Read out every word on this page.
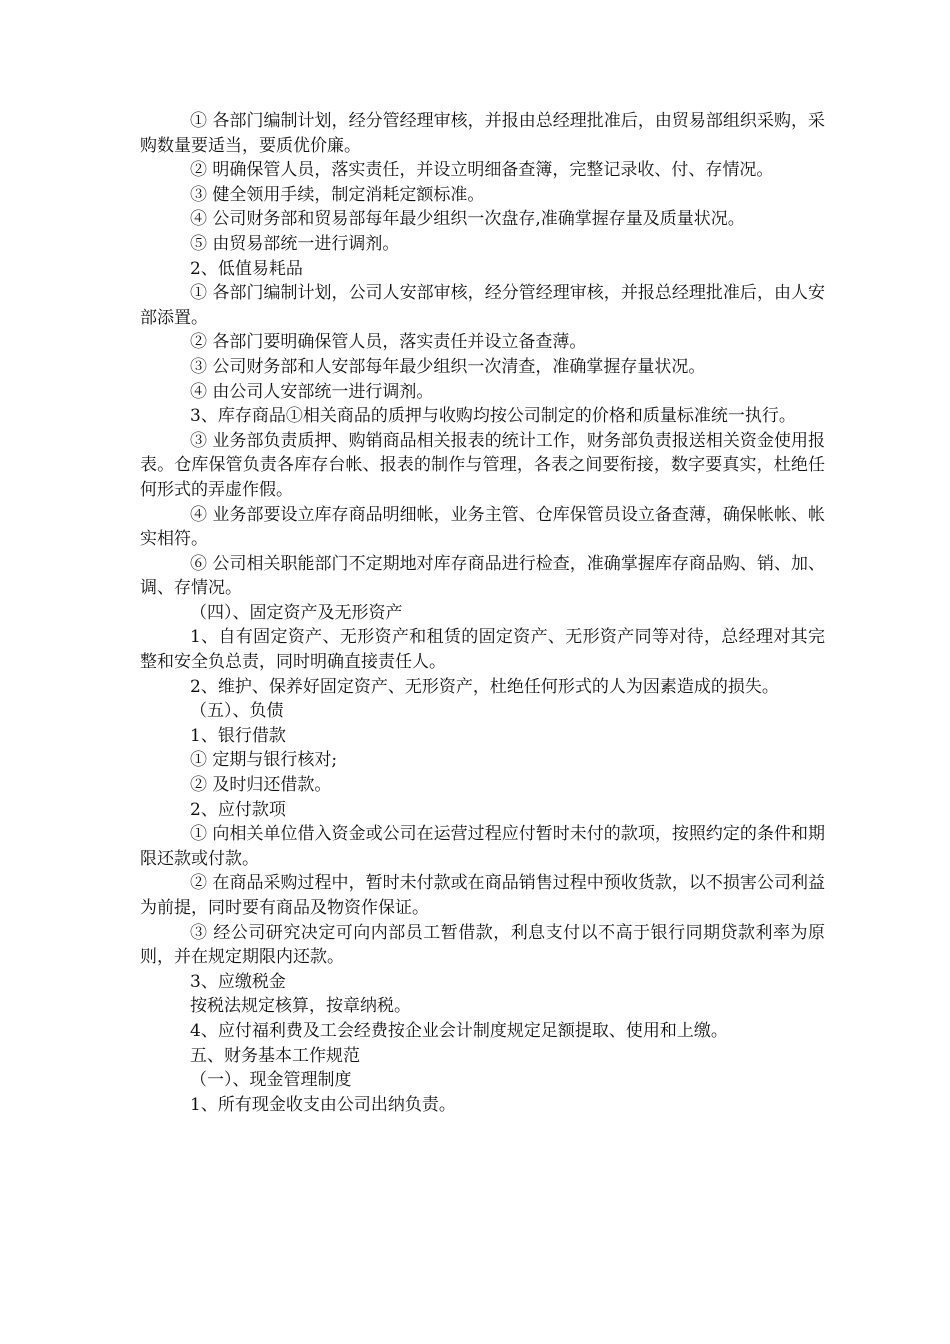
① 各部门编制计划，经分管经理审核，并报由总经理批准后，由贸易部组织采购，采购数量要适当，要质优价廉。

② 明确保管人员，落实责任，并设立明细备查簿，完整记录收、付、存情况。

③ 健全领用手续，制定消耗定额标准。

④ 公司财务部和贸易部每年最少组织一次盘存,准确掌握存量及质量状况。

⑤ 由贸易部统一进行调剂。

2、低值易耗品

① 各部门编制计划，公司人安部审核，经分管经理审核，并报总经理批准后，由人安部添置。

② 各部门要明确保管人员，落实责任并设立备查薄。

③ 公司财务部和人安部每年最少组织一次清查，准确掌握存量状况。

④ 由公司人安部统一进行调剂。

3、库存商品①相关商品的质押与收购均按公司制定的价格和质量标准统一执行。

③ 业务部负责质押、购销商品相关报表的统计工作，财务部负责报送相关资金使用报表。仓库保管负责各库存台帐、报表的制作与管理，各表之间要衔接，数字要真实，杜绝任何形式的弄虚作假。

④ 业务部要设立库存商品明细帐，业务主管、仓库保管员设立备查薄，确保帐帐、帐实相符。

⑥ 公司相关职能部门不定期地对库存商品进行检查，准确掌握库存商品购、销、加、调、存情况。

（四）、固定资产及无形资产

1、自有固定资产、无形资产和租赁的固定资产、无形资产同等对待，总经理对其完整和安全负总责，同时明确直接责任人。

2、维护、保养好固定资产、无形资产，杜绝任何形式的人为因素造成的损失。

（五）、负债

1、银行借款

① 定期与银行核对;

② 及时归还借款。

2、应付款项

① 向相关单位借入资金或公司在运营过程应付暂时未付的款项，按照约定的条件和期限还款或付款。

② 在商品采购过程中，暂时未付款或在商品销售过程中预收货款，以不损害公司利益为前提，同时要有商品及物资作保证。

③ 经公司研究决定可向内部员工暂借款，利息支付以不高于银行同期贷款利率为原则，并在规定期限内还款。

3、应缴税金

按税法规定核算，按章纳税。

4、应付福利费及工会经费按企业会计制度规定足额提取、使用和上缴。

五、财务基本工作规范

（一）、现金管理制度

1、所有现金收支由公司出纳负责。
